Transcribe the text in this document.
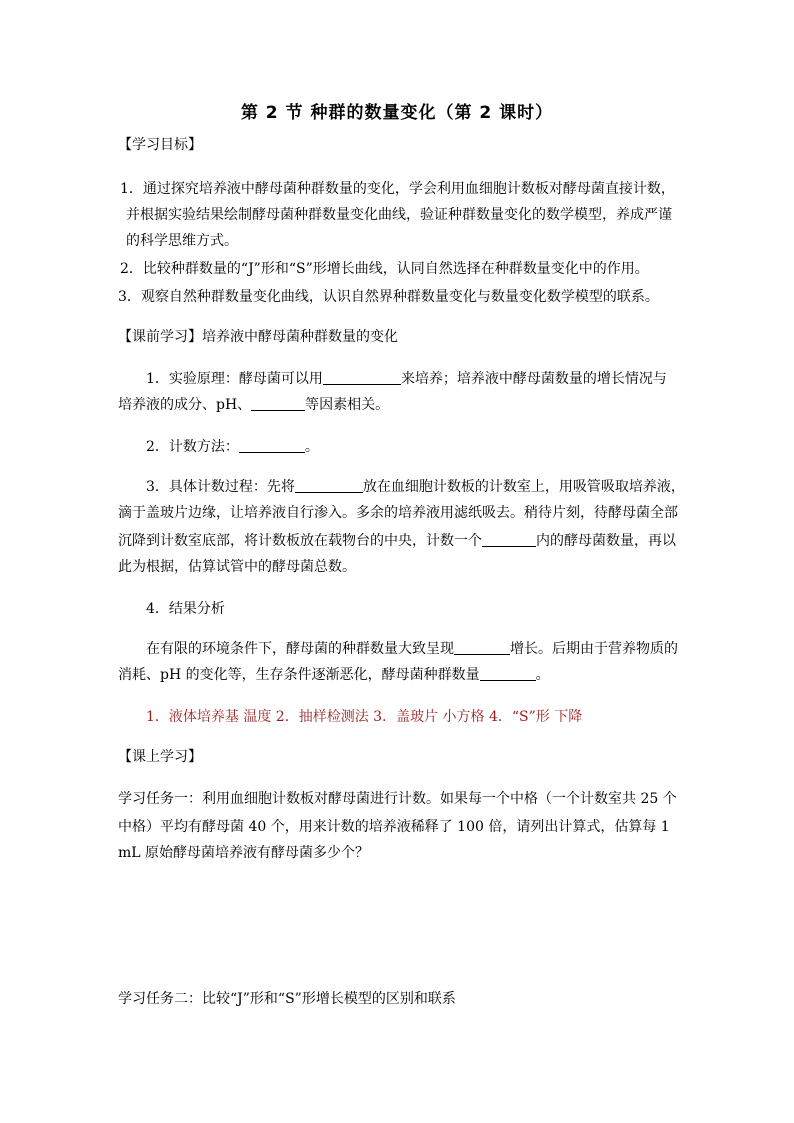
第 2 节 种群的数量变化（第 2 课时）
【学习目标】
1．通过探究培养液中酵母菌种群数量的变化，学会利用血细胞计数板对酵母菌直接计数，
并根据实验结果绘制酵母菌种群数量变化曲线，验证种群数量变化的数学模型，养成严谨
的科学思维方式。
2．比较种群数量的“J”形和“S”形增长曲线，认同自然选择在种群数量变化中的作用。
3．观察自然种群数量变化曲线，认识自然界种群数量变化与数量变化数学模型的联系。
【课前学习】培养液中酵母菌种群数量的变化
1．实验原理：酵母菌可以用	来培养；培养液中酵母菌数量的增长情况与
培养液的成分、pH、	等因素相关。
2．计数方法：	。
3．具体计数过程：先将	放在血细胞计数板的计数室上，用吸管吸取培养液，
滴于盖玻片边缘，让培养液自行渗入。多余的培养液用滤纸吸去。稍待片刻，待酵母菌全部
沉降到计数室底部，将计数板放在载物台的中央，计数一个	内的酵母菌数量，再以
此为根据，估算试管中的酵母菌总数。
4．结果分析
在有限的环境条件下，酵母菌的种群数量大致呈现	增长。后期由于营养物质的
消耗、pH 的变化等，生存条件逐渐恶化，酵母菌种群数量	。
1．液体培养基 温度 2．抽样检测法 3．盖玻片 小方格 4．“S”形 下降
【课上学习】
学习任务一：利用血细胞计数板对酵母菌进行计数。如果每一个中格（一个计数室共 25 个
中格）平均有酵母菌 40 个，用来计数的培养液稀释了 100 倍，请列出计算式，估算每 1
mL 原始酵母菌培养液有酵母菌多少个？
学习任务二：比较“J”形和“S”形增长模型的区别和联系
